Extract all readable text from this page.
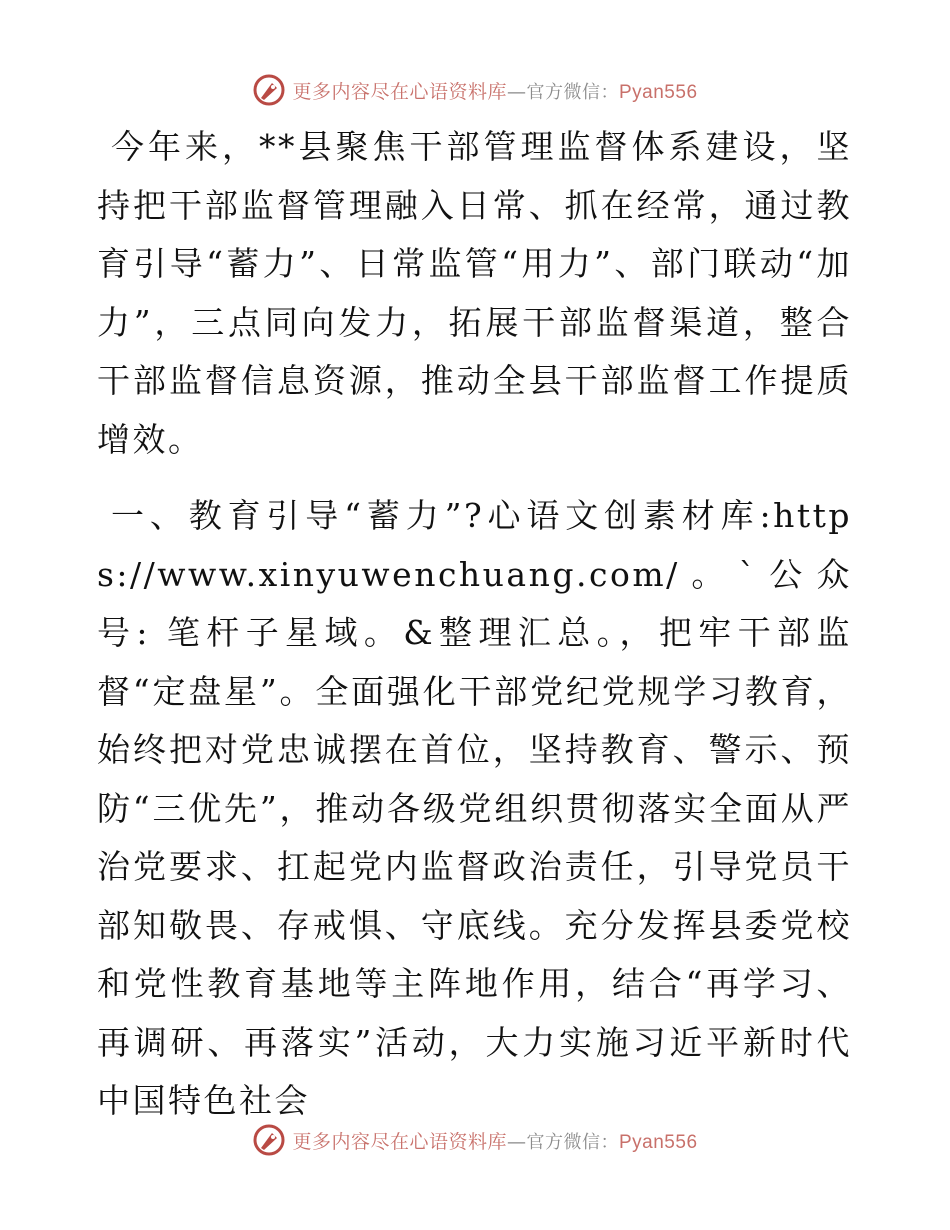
更多内容尽在心语资料库—官方微信：Pyan556

今年来，**县聚焦干部管理监督体系建设，坚持把干部监督管理融入日常、抓在经常，通过教育引导“蓄力”、日常监管“用力”、部门联动“加力”，三点同向发力，拓展干部监督渠道，整合干部监督信息资源，推动全县干部监督工作提质增效。

一、教育引导“蓄力”?心语文创素材库:https://www.xinyuwenchuang.com/。`公众号: 笔杆子星域。&整理汇总。，把牢干部监督“定盘星”。全面强化干部党纪党规学习教育，始终把对党忠诚摆在首位，坚持教育、警示、预防“三优先”，推动各级党组织贯彻落实全面从严治党要求、扛起党内监督政治责任，引导党员干部知敬畏、存戒惧、守底线。充分发挥县委党校和党性教育基地等主阵地作用，结合“再学习、再调研、再落实”活动，大力实施习近平新时代中国特色社会

更多内容尽在心语资料库—官方微信：Pyan556
